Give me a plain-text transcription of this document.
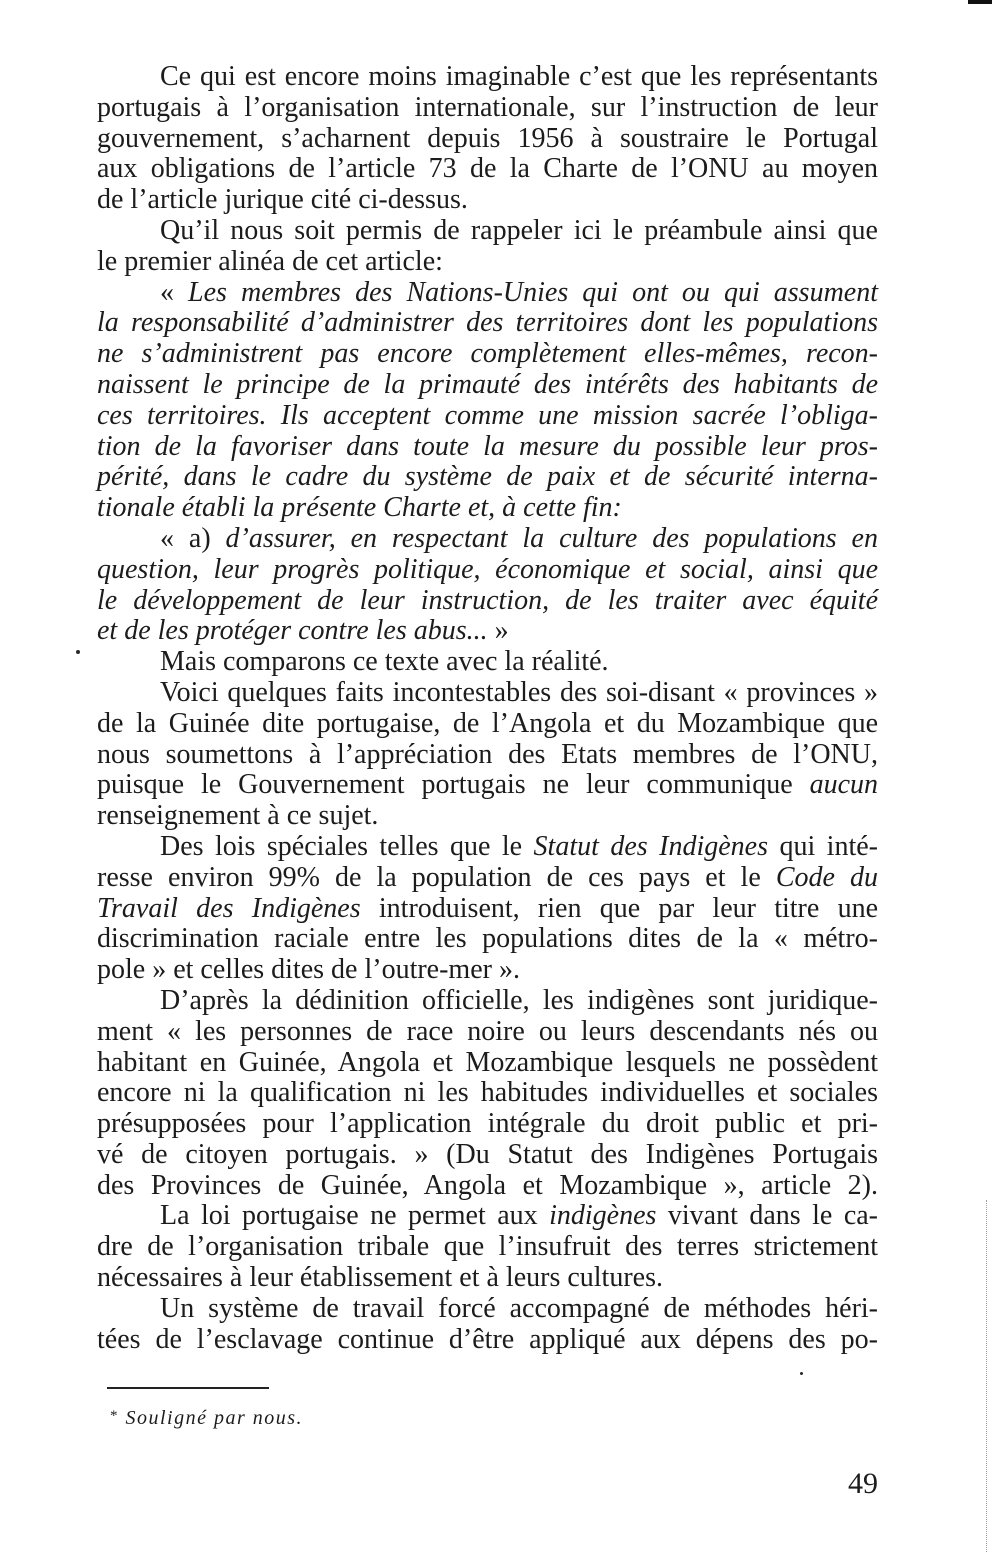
Ce qui est encore moins imaginable c’est que les représentants
portugais à l’organisation internationale, sur l’instruction de leur
gouvernement, s’acharnent depuis 1956 à soustraire le Portugal
aux obligations de l’article 73 de la Charte de l’ONU au moyen
de l’article jurique cité ci-dessus.
Qu’il nous soit permis de rappeler ici le préambule ainsi que
le premier alinéa de cet article:
« Les membres des Nations-Unies qui ont ou qui assument
la responsabilité d’administrer des territoires dont les populations
ne s’administrent pas encore complètement elles-mêmes, recon-
naissent le principe de la primauté des intérêts des habitants de
ces territoires. Ils acceptent comme une mission sacrée l’obliga-
tion de la favoriser dans toute la mesure du possible leur pros-
périté, dans le cadre du système de paix et de sécurité interna-
tionale établi la présente Charte et, à cette fin:
« a) d’assurer, en respectant la culture des populations en
question, leur progrès politique, économique et social, ainsi que
le développement de leur instruction, de les traiter avec équité
et de les protéger contre les abus... »
Mais comparons ce texte avec la réalité.
Voici quelques faits incontestables des soi-disant « provinces »
de la Guinée dite portugaise, de l’Angola et du Mozambique que
nous soumettons à l’appréciation des Etats membres de l’ONU,
puisque le Gouvernement portugais ne leur communique aucun
renseignement à ce sujet.
Des lois spéciales telles que le Statut des Indigènes qui inté-
resse environ 99% de la population de ces pays et le Code du
Travail des Indigènes introduisent, rien que par leur titre une
discrimination raciale entre les populations dites de la « métro-
pole » et celles dites de l’outre-mer ».
D’après la dédinition officielle, les indigènes sont juridique-
ment « les personnes de race noire ou leurs descendants nés ou
habitant en Guinée, Angola et Mozambique lesquels ne possèdent
encore ni la qualification ni les habitudes individuelles et sociales
présupposées pour l’application intégrale du droit public et pri-
vé de citoyen portugais. » (Du Statut des Indigènes Portugais
des Provinces de Guinée, Angola et Mozambique », article 2).
La loi portugaise ne permet aux indigènes vivant dans le ca-
dre de l’organisation tribale que l’insufruit des terres strictement
nécessaires à leur établissement et à leurs cultures.
Un système de travail forcé accompagné de méthodes héri-
tées de l’esclavage continue d’être appliqué aux dépens des po-
* Souligné par nous.
49
